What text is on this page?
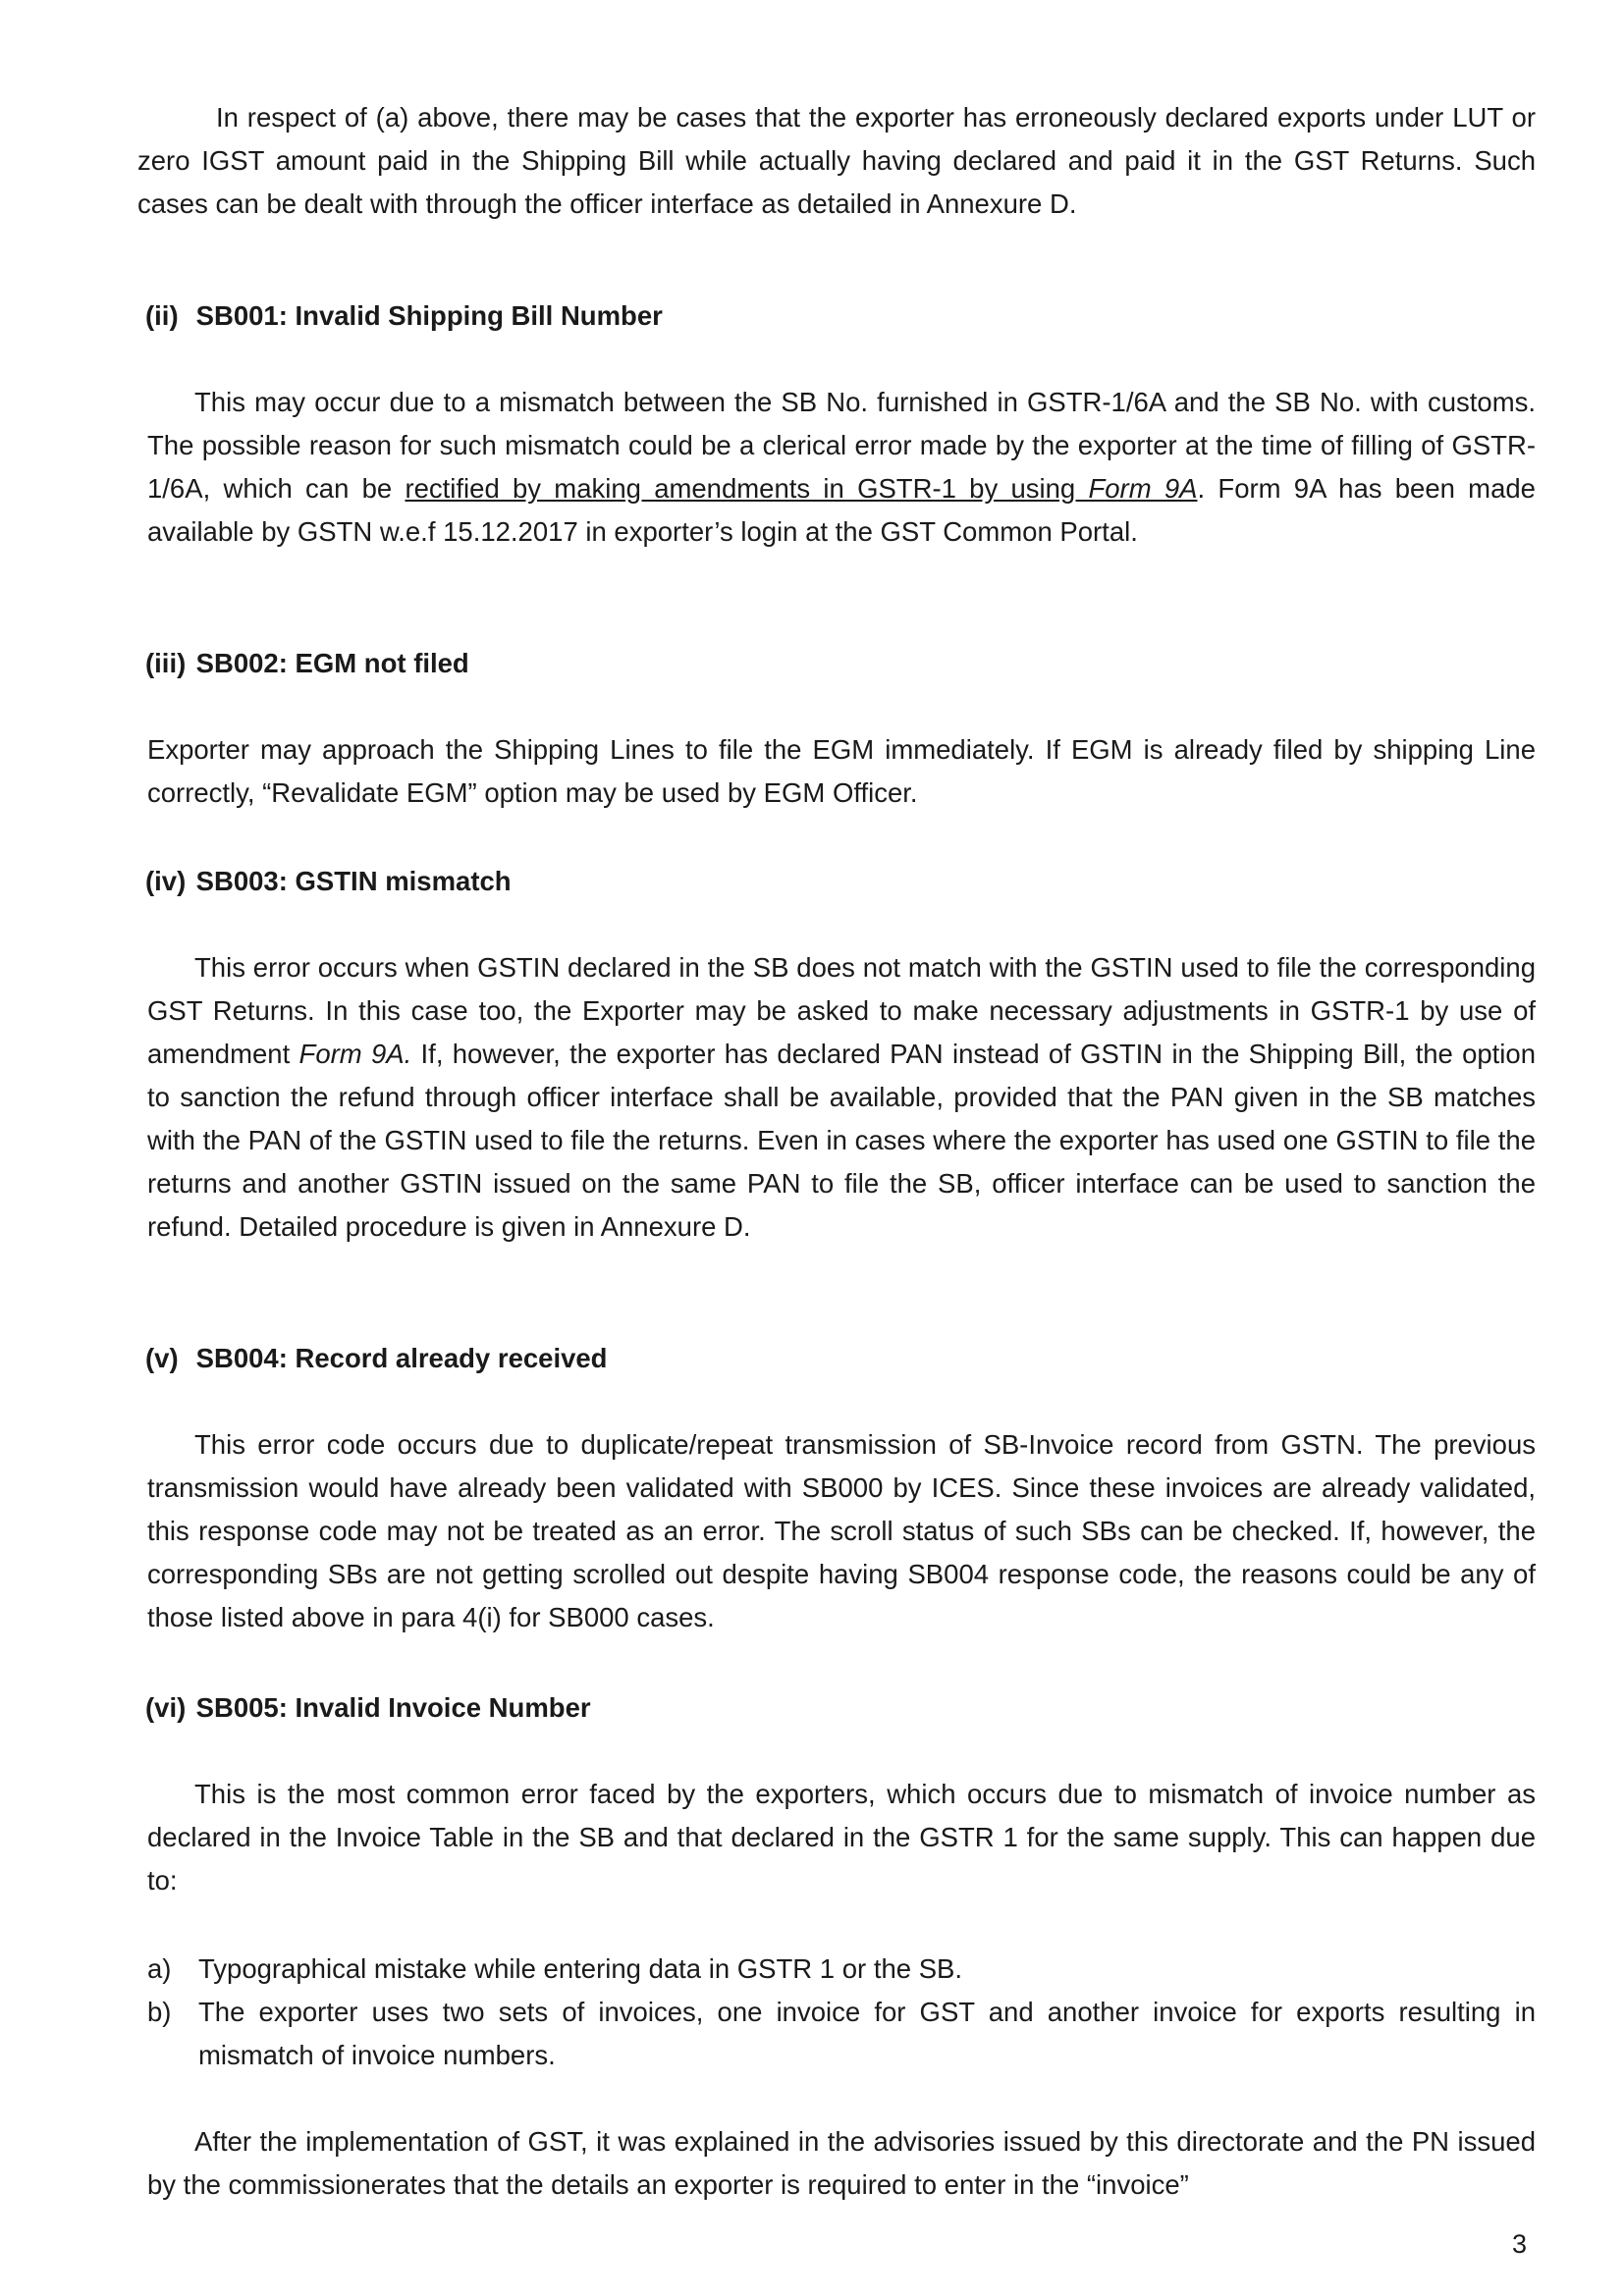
In respect of (a) above, there may be cases that the exporter has erroneously declared exports under LUT or zero IGST amount paid in the Shipping Bill while actually having declared and paid it in the GST Returns. Such cases can be dealt with through the officer interface as detailed in Annexure D.

(ii) SB001: Invalid Shipping Bill Number

This may occur due to a mismatch between the SB No. furnished in GSTR-1/6A and the SB No. with customs. The possible reason for such mismatch could be a clerical error made by the exporter at the time of filling of GSTR-1/6A, which can be rectified by making amendments in GSTR-1 by using Form 9A. Form 9A has been made available by GSTN w.e.f 15.12.2017 in exporter’s login at the GST Common Portal.

(iii) SB002: EGM not filed

Exporter may approach the Shipping Lines to file the EGM immediately. If EGM is already filed by shipping Line correctly, “Revalidate EGM” option may be used by EGM Officer.

(iv) SB003: GSTIN mismatch

This error occurs when GSTIN declared in the SB does not match with the GSTIN used to file the corresponding GST Returns. In this case too, the Exporter may be asked to make necessary adjustments in GSTR-1 by use of amendment Form 9A. If, however, the exporter has declared PAN instead of GSTIN in the Shipping Bill, the option to sanction the refund through officer interface shall be available, provided that the PAN given in the SB matches with the PAN of the GSTIN used to file the returns. Even in cases where the exporter has used one GSTIN to file the returns and another GSTIN issued on the same PAN to file the SB, officer interface can be used to sanction the refund. Detailed procedure is given in Annexure D.

(v) SB004: Record already received

This error code occurs due to duplicate/repeat transmission of SB-Invoice record from GSTN. The previous transmission would have already been validated with SB000 by ICES. Since these invoices are already validated, this response code may not be treated as an error. The scroll status of such SBs can be checked. If, however, the corresponding SBs are not getting scrolled out despite having SB004 response code, the reasons could be any of those listed above in para 4(i) for SB000 cases.

(vi) SB005: Invalid Invoice Number

This is the most common error faced by the exporters, which occurs due to mismatch of invoice number as declared in the Invoice Table in the SB and that declared in the GSTR 1 for the same supply. This can happen due to:

a) Typographical mistake while entering data in GSTR 1 or the SB.
b) The exporter uses two sets of invoices, one invoice for GST and another invoice for exports resulting in mismatch of invoice numbers.

After the implementation of GST, it was explained in the advisories issued by this directorate and the PN issued by the commissionerates that the details an exporter is required to enter in the “invoice”

3
